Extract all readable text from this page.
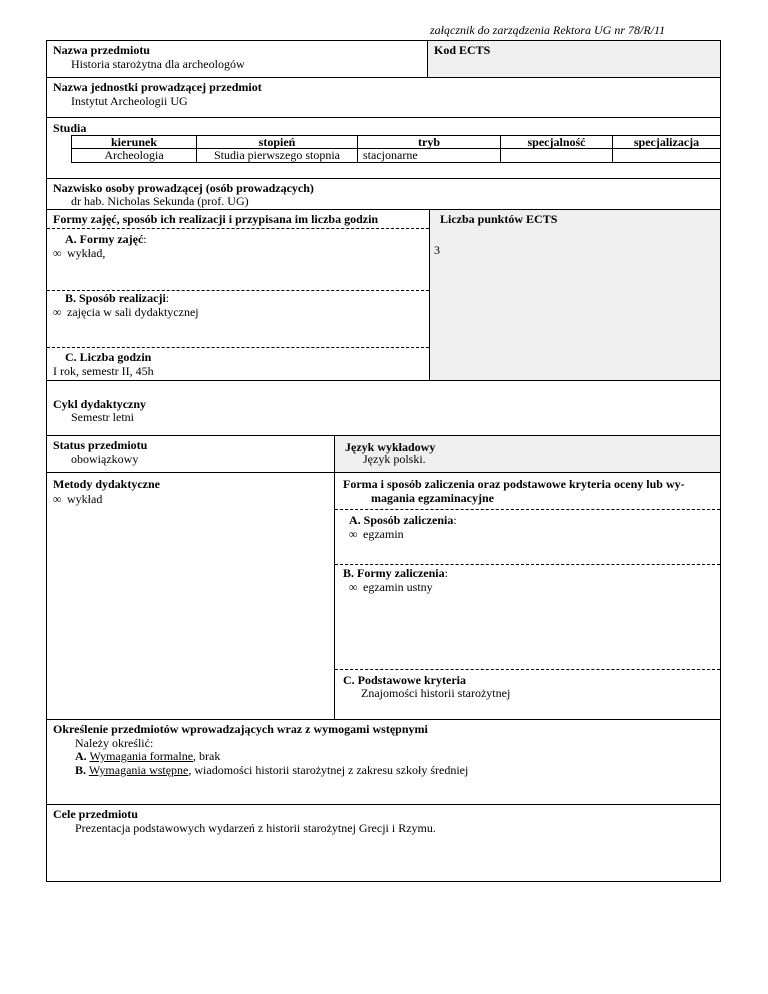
załącznik do zarządzenia Rektora UG nr 78/R/11
Nazwa przedmiotu
Historia starożytna dla archeologów
Kod ECTS
Nazwa jednostki prowadzącej przedmiot
Instytut Archeologii UG
Studia
kierunek	stopień	tryb	specjalność	specjalizacja
Archeologia	Studia pierwszego stopnia	stacjonarne
Nazwisko osoby prowadzącej (osób prowadzących)
dr hab. Nicholas Sekunda (prof. UG)
Formy zajęć, sposób ich realizacji i przypisana im liczba godzin
A. Formy zajęć:
∞ wykład,
B. Sposób realizacji:
∞ zajęcia w sali dydaktycznej
C. Liczba godzin
I rok, semestr II, 45h
Liczba punktów ECTS
3
Cykl dydaktyczny
Semestr letni
Status przedmiotu
obowiązkowy
Język wykładowy
Język polski.
Metody dydaktyczne
∞ wykład
Forma i sposób zaliczenia oraz podstawowe kryteria oceny lub wy-
magania egzaminacyjne
A. Sposób zaliczenia:
∞ egzamin
B. Formy zaliczenia:
∞ egzamin ustny
C. Podstawowe kryteria
Znajomości historii starożytnej
Określenie przedmiotów wprowadzających wraz z wymogami wstępnymi
Należy określić:
A. Wymagania formalne, brak
B. Wymagania wstępne, wiadomości historii starożytnej z zakresu szkoły średniej
Cele przedmiotu
Prezentacja podstawowych wydarzeń z historii starożytnej Grecji i Rzymu.
